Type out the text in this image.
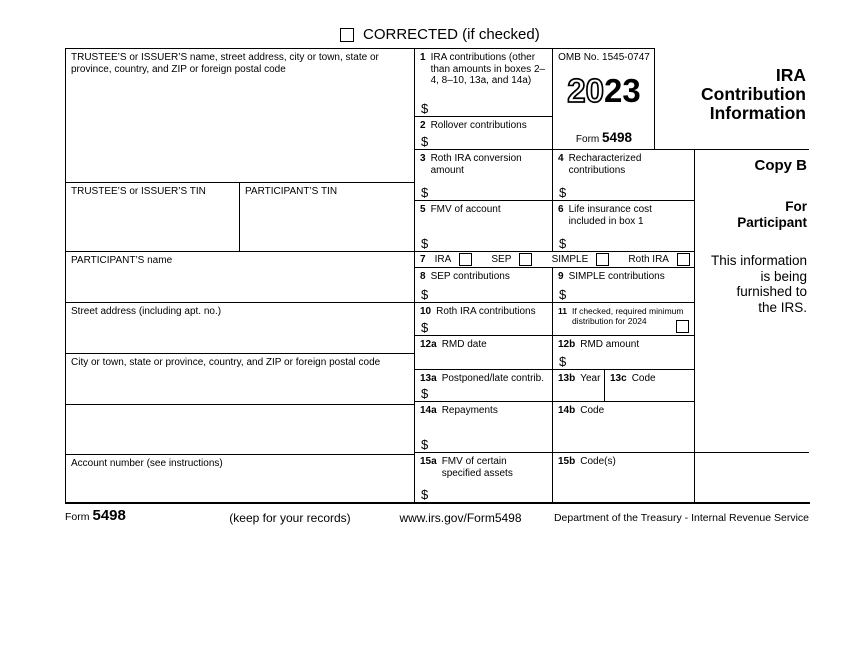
CORRECTED (if checked)
TRUSTEE’S or ISSUER’S name, street address, city or town, state or province, country, and ZIP or foreign postal code
TRUSTEE’S or ISSUER’S TIN	PARTICIPANT’S TIN
PARTICIPANT’S name
Street address (including apt. no.)
City or town, state or province, country, and ZIP or foreign postal code
Account number (see instructions)
1 IRA contributions (other than amounts in boxes 2–4, 8–10, 13a, and 14a)
$
2 Rollover contributions
$
3 Roth IRA conversion amount
$
5 FMV of account
$
7 IRA	SEP	SIMPLE	Roth IRA
8 SEP contributions
$
10 Roth IRA contributions
$
12a RMD date
13a Postponed/late contrib.
$
14a Repayments
$
15a FMV of certain specified assets
$
OMB No. 1545-0747
2023
Form 5498
4 Recharacterized contributions
$
6 Life insurance cost included in box 1
$
9 SIMPLE contributions
$
11 If checked, required minimum distribution for 2024
12b RMD amount
$
13b Year 13c Code
14b Code
15b Code(s)
IRA
Contribution
Information
Copy B
For
Participant
This information
is being
furnished to
the IRS.
Form 5498	(keep for your records)	www.irs.gov/Form5498	Department of the Treasury - Internal Revenue Service
